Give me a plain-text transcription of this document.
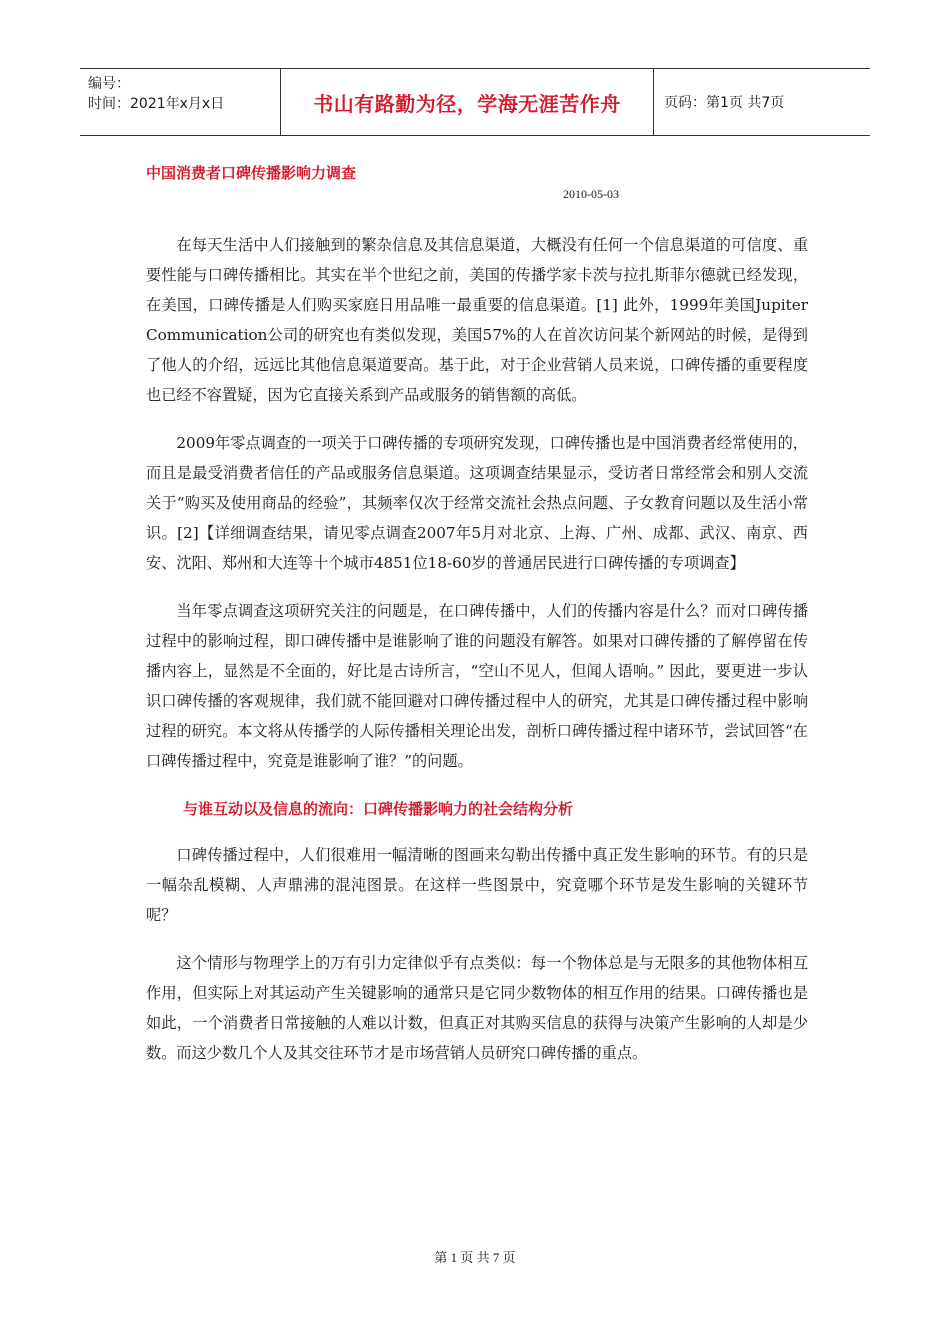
编号：
时间：2021年x月x日	书山有路勤为径，学海无涯苦作舟	页码：第1页 共7页
中国消费者口碑传播影响力调查
2010-05-03

在每天生活中人们接触到的繁杂信息及其信息渠道，大概没有任何一个信息渠道的可信度、重要性能与口碑传播相比。其实在半个世纪之前，美国的传播学家卡茨与拉扎斯菲尔德就已经发现，在美国，口碑传播是人们购买家庭日用品唯一最重要的信息渠道。[1] 此外，1999年美国Jupiter Communication公司的研究也有类似发现，美国57%的人在首次访问某个新网站的时候，是得到了他人的介绍，远远比其他信息渠道要高。基于此，对于企业营销人员来说，口碑传播的重要程度也已经不容置疑，因为它直接关系到产品或服务的销售额的高低。

2009年零点调查的一项关于口碑传播的专项研究发现，口碑传播也是中国消费者经常使用的，而且是最受消费者信任的产品或服务信息渠道。这项调查结果显示，受访者日常经常会和别人交流关于“购买及使用商品的经验”，其频率仅次于经常交流社会热点问题、子女教育问题以及生活小常识。[2]【详细调查结果，请见零点调查2007年5月对北京、上海、广州、成都、武汉、南京、西安、沈阳、郑州和大连等十个城市4851位18-60岁的普通居民进行口碑传播的专项调查】

当年零点调查这项研究关注的问题是，在口碑传播中，人们的传播内容是什么？而对口碑传播过程中的影响过程，即口碑传播中是谁影响了谁的问题没有解答。如果对口碑传播的了解停留在传播内容上，显然是不全面的，好比是古诗所言，“空山不见人，但闻人语响。” 因此，要更进一步认识口碑传播的客观规律，我们就不能回避对口碑传播过程中人的研究，尤其是口碑传播过程中影响过程的研究。本文将从传播学的人际传播相关理论出发，剖析口碑传播过程中诸环节，尝试回答“在口碑传播过程中，究竟是谁影响了谁？”的问题。

与谁互动以及信息的流向：口碑传播影响力的社会结构分析

口碑传播过程中，人们很难用一幅清晰的图画来勾勒出传播中真正发生影响的环节。有的只是一幅杂乱模糊、人声鼎沸的混沌图景。在这样一些图景中，究竟哪个环节是发生影响的关键环节呢？

这个情形与物理学上的万有引力定律似乎有点类似：每一个物体总是与无限多的其他物体相互作用，但实际上对其运动产生关键影响的通常只是它同少数物体的相互作用的结果。口碑传播也是如此，一个消费者日常接触的人难以计数，但真正对其购买信息的获得与决策产生影响的人却是少数。而这少数几个人及其交往环节才是市场营销人员研究口碑传播的重点。

第 1 页 共 7 页
